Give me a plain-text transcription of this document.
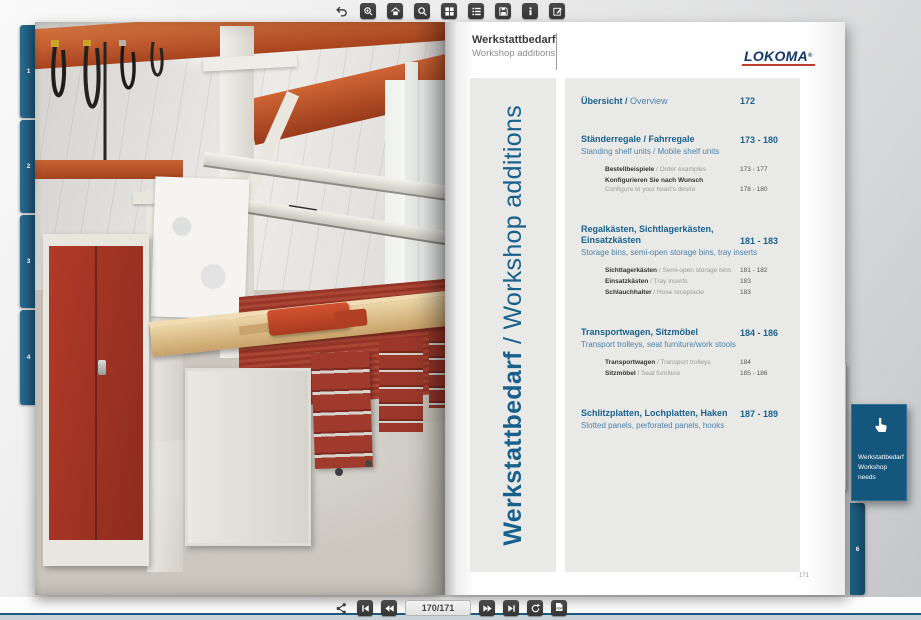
1
2
3
4
Werkstattbedarf
Workshop additions	LOKOMA®
Werkstattbedarf / Workshop additions
Übersicht / Overview	172
Ständerregale / Fahrregale	173 - 180
Standing shelf units / Mobile shelf units
Bestellbeispiele / Order examples	173 - 177
Konfigurieren Sie nach Wunsch
Configure to your heart's desire	178 - 180
Regalkästen, Sichtlagerkästen, Einsatzkästen	181 - 183
Storage bins, semi-open storage bins, tray inserts
Sichtlagerkästen / Semi-open storage bins	181 - 182
Einsatzkästen / Tray inserts	183
Schlauchhalter / Hose receptacle	183
Transportwagen, Sitzmöbel	184 - 186
Transport trolleys, seat furniture/work stools
Transportwagen / Transport trolleys	184
Sitzmöbel / Seat furniture	185 - 186
Schlitzplatten, Lochplatten, Haken	187 - 189
Slotted panels, perforated panels, hooks
171
Werkstattbedarf
Workshop needs
6
170/171	PDF
